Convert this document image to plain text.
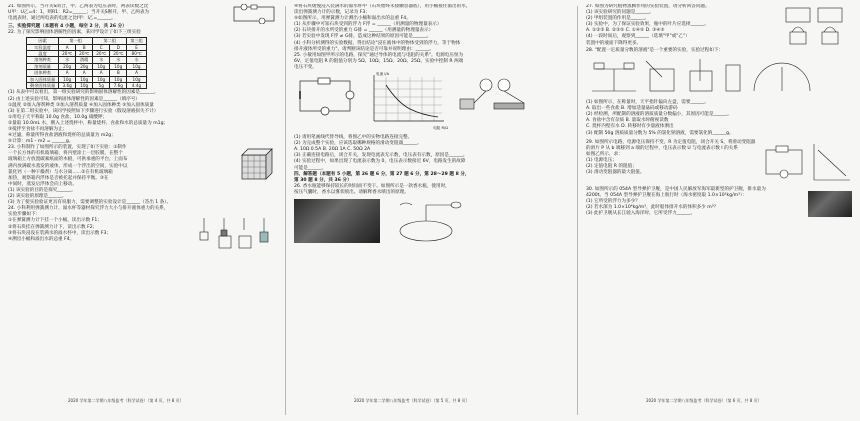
21. 如图所示，当开关S闭合，甲、乙两表为电压表时，两表读数之比

U甲：U乙=4：1，则R1：R2=______；当开关S断开，甲、乙两表为

电流表时，通过两电表的电流之比I甲：I乙=______。

三、实验探究题（本题有 4 小题，每空 2 分，共 26 分）

22. 为了探究影响固体溶解性的因素，某同学设计了如下三组实验

因素	第一组		第二组		第三组
实验温度	A	B	C	D	E
温度	20℃	20℃	20℃	20℃	80℃
溶剂种类	水	酒精	水	水	水
溶剂质量	20g	20g	10g	10g	10g
固体种类	A	A	A	B	A
加入固体质量	10g	10g	10g	10g	10g
剩余固体质量	3.6g	10g	5g	7.6g	4.4g

(1) 从表中可以看出，第一组实验研究的影响固体溶解性的因素是______。

(2) 由上述实验可知，影响固体溶解性的因素是______（填序号）

①温度 ②加入溶剂种类 ③加入溶剂质量 ④加入固体种类 ⑤加入固体质量

(3) 在第二组实验中，该同学按照如下步骤进行实验（假设溶液损失不计）

①用电子天平称取 10.0g 食盐、10.0g 硝酸钾；

②量取 10.0mL 水，倒入上述烧杯中，称量烧杯、食盐和水的总质量为 m1g；

③搅拌至食盐不再溶解为止；

④过滤，称量所得食盐溶液和烧杯的总质量为 m2g；

⑤计算：m1 - m2 = ______g。

23. 小科制作了如图所示的装置，实现了如下实验：①制作

一个长方体的有机玻璃箱，将内壁涂上一层胶膜，在整个

玻璃箱上方放置碳素纸面的木板，可供承重的平台，上面布

满内放满碳水蒸发的液体，形成一个浮出的空间，实验中以

氯化钙（一种干燥剂）与水分离......②在有机玻璃箱

加热，观察箱内浮体是否被托起并保持平衡。③在

中间时，蒸发后浮体会向上移动。

(1) 该实验的目的是探究______。

(2) 该实验的原理是______。

(3) 为了使实验验证更具有说服力，需要调整的实验设计是______（答出 1 条）。

24. 小科利用弹簧测力计、溢水杯等器材探究浮力大小与排开液体重力的关系，

实验步骤如下：

①在弹簧测力计下挂一个小桶，读出示数 F1；

②将石块挂在弹簧测力计下，读出示数 F2；

③将石块浸没在装满水的溢水杯中，读出示数 F3；

④测出小桶和溢出水的总重 F4。

2020 学年第二学期八年级监考（科学试卷）（第 4 页，共 8 页）

④将石块缓慢浸入装满水的溢水杯中（石块始终未接触容器底），用小桶接住溢出的水，

读出弹簧测力计的示数，记录为 F3；

⑤如图所示，用弹簧测力计测出小桶和溢出水的总重 F4。

(1) 从步骤中可知石块受到的浮力 F浮 = ______（用测量的物理量表示）

(2) 石块排开的水所受的重力 G排 = ______（用测量的物理量表示）

(3) 若实验中发现 F浮 ≠ G排，造成这种结果的原因可能是______。

(4) 小科分析测得的实验数据，得出结论"浸在液体中的物体受到的浮力，等于物体

排开液体所受的重力"。请判断该结论是否可靠并说明理由：______。

25. 小敏用如图甲所示的电路，探究"通过导体的电流与电阻的关系"。电源电压恒为

6V，定值电阻 R 的阻值分别为 5Ω、10Ω、15Ω、20Ω、25Ω，实验中控制 R 两端

电压不变。

电流 I/A
电阻 R/Ω

(1) 请用笔画线代替导线，将图乙中的实物电路连接完整。

(2) 为完成整个实验，应该选取哪种规格的滑动变阻器______。

A. 10Ω 0.5A B. 20Ω 1A C. 50Ω 2A

(3) 正确连接电路后，闭合开关，发现电流表无示数，电压表有示数，原因是______。

(4) 实验过程中，如果出现了电流表示数为 0，电压表示数接近 6V，电路发生的故障

可能是______。

四、解答题（本题有 5 小题，第 26 题 6 分，第 27 题 6 分，第 28～29 题 8 分，

第 30 题 8 分，共 36 分）

26. 香水瓶能够保持较长的时间而不变干。如图所示是一款香水瓶，使用时，

按压气囊时，香水以雾状喷出。请解释香水喷出的原理。

2020 学年第二学期八年级监考（科学试卷）（第 5 页，共 8 页）

27. 如图为研究植物蒸腾作用的实验装置，请分析回答问题。

(1) 该实验研究的问题是______。

(2) 甲组装置的作用是______。

(3) 实验中，为了保证实验效果，瓶中的叶片应选择______。

A. ①②③ B. ②③⑤ C. ①④⑤ D. ③④⑤

(4) 一段时间后，观察到______（选填"甲"或"乙"）

装置中的液面下降得更多。

28. "配置一定质量分数的溶液"是一个重要的实验，实验过程如下：

(1) 如图所示，在称量时，天平指针偏向左盘，需要______。

A. 取出一些食盐 B. 增加适量砝码或移动游码

(2) 经检测，所配制的溶液的溶质质量分数偏小，其原因可能是______。

A. 食盐中含有杂质 B. 量取水时俯视读数

C. 烧杯内壁有水 D. 转移时有少量液体洒出

(3) 配制 50g 溶质质量分数为 5% 的氯化钠溶液，需要氯化钠______g。

29. 如图所示电路，电源电压保持不变，R 为定值电阻，闭合开关 S，将滑动变阻器

的滑片 P 从 b 端移到 a 端的过程中，电压表示数 U 与电流表示数 I 的关系

如图乙所示，求：

(1) 电源电压；

(2) 定值电阻 R 的阻值；

(3) 滑动变阻器的最大阻值。

30. 如图所示的 054A 型导弹护卫舰，是中国人民解放军海军最新型的护卫舰，排水量为

4200t。当 054A 型导弹护卫舰在海上航行时（海水密度取 1.0×10³kg/m³）：

(1) 它所受的浮力为多少？

(2) 若水深为 1.0×10⁴kg/m³，此时船体排开水的体积多少 m³？

(3) 此护卫舰从长江驶入海洋时，它所受浮力______。

2020 学年第二学期八年级监考（科学试卷）（第 6 页，共 8 页）
